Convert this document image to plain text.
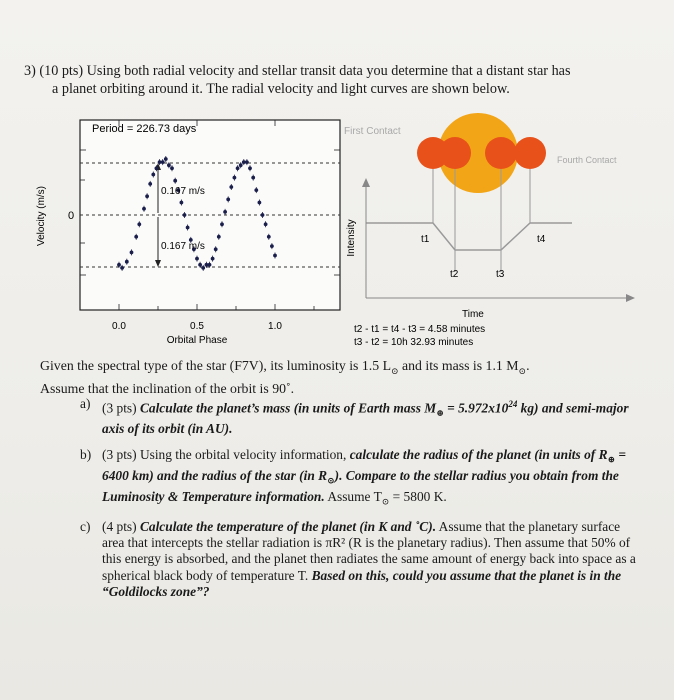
3) (10 pts) Using both radial velocity and stellar transit data you determine that a distant star has
a planet orbiting around it. The radial velocity and light curves are shown below.
Period = 226.73 days
0.167 m/s
0.167 m/s
0
Velocity (m/s)
0.0	0.5	1.0
Orbital Phase
First Contact
Fourth Contact
Intensity	t1	t4
t2	t3
Time
t2 - t1 = t4 - t3 = 4.58 minutes
t3 - t2 = 10h 32.93 minutes
Given the spectral type of the star (F7V), its luminosity is 1.5 $L_⊙$ and its mass is 1.1 $M_⊙$.
Assume that the inclination of the orbit is 90˚.
a) (3 pts) Calculate the planet’s mass (in units of Earth mass $M_\oplus = 5.972x10^{24}$ kg) and semi-major axis of its orbit (in AU).
b) (3 pts) Using the orbital velocity information, calculate the radius of the planet (in units of $R_\oplus = 6400$ km) and the radius of the star (in $R_⊙$). Compare to the stellar radius you obtain from the Luminosity & Temperature information. Assume $T_⊙ = 5800$ K.
c) (4 pts) Calculate the temperature of the planet (in K and ˚C). Assume that the planetary surface area that intercepts the stellar radiation is πR² (R is the planetary radius). Then assume that 50% of this energy is absorbed, and the planet then radiates the same amount of energy back into space as a spherical black body of temperature T. Based on this, could you assume that the planet is in the “Goldilocks zone”?
